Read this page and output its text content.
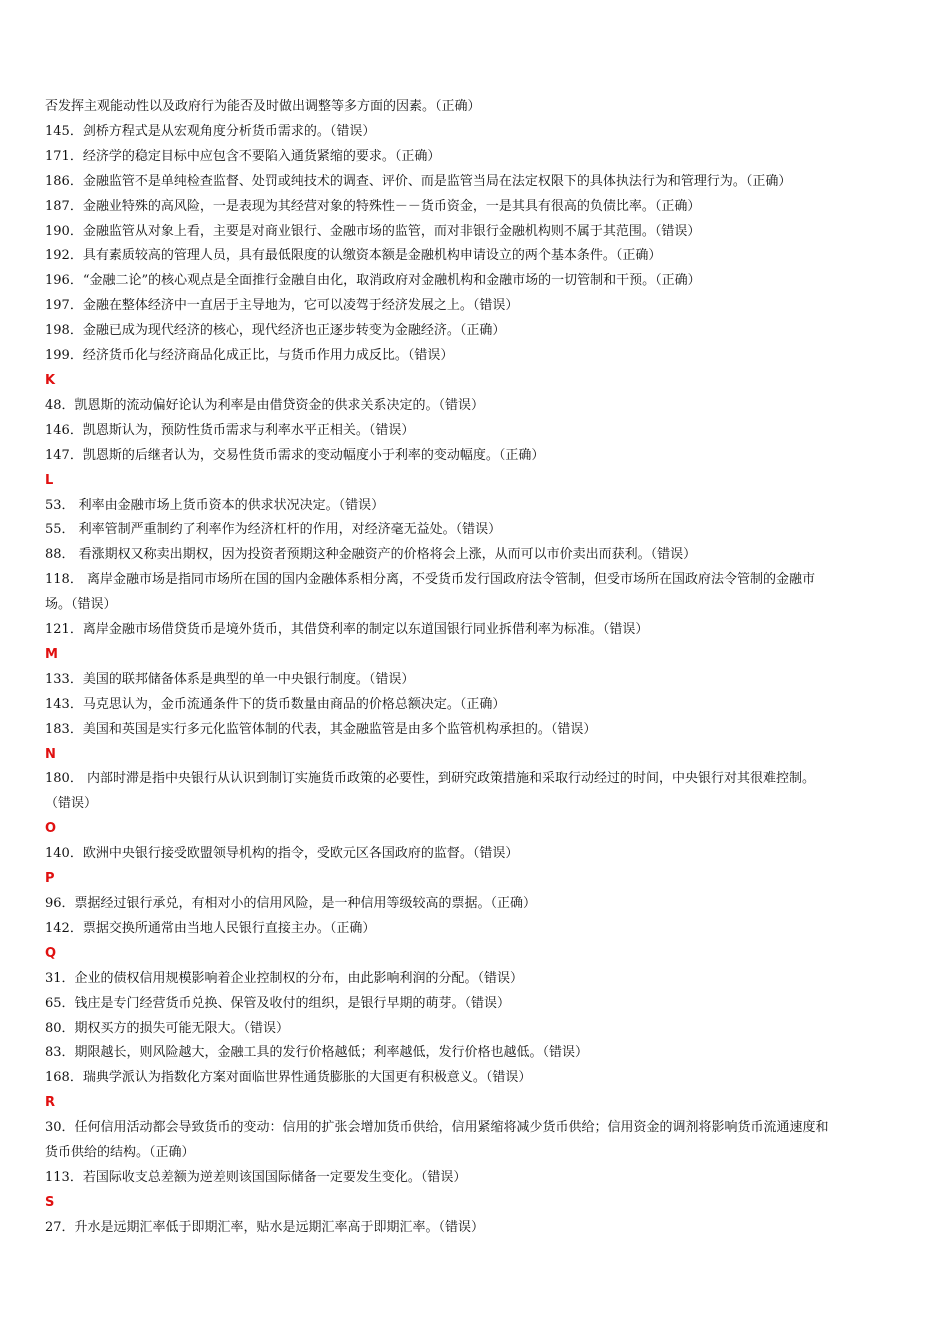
否发挥主观能动性以及政府行为能否及时做出调整等多方面的因素。（正确）

145．剑桥方程式是从宏观角度分析货币需求的。（错误）

171．经济学的稳定目标中应包含不要陷入通货紧缩的要求。（正确）

186．金融监管不是单纯检查监督、处罚或纯技术的调查、评价、而是监管当局在法定权限下的具体执法行为和管理行为。（正确）

187．金融业特殊的高风险，一是表现为其经营对象的特殊性－－货币资金，一是其具有很高的负债比率。（正确）

190．金融监管从对象上看，主要是对商业银行、金融市场的监管，而对非银行金融机构则不属于其范围。（错误）

192．具有素质较高的管理人员，具有最低限度的认缴资本额是金融机构申请设立的两个基本条件。（正确）

196．“金融二论”的核心观点是全面推行金融自由化，取消政府对金融机构和金融市场的一切管制和干预。（正确）

197．金融在整体经济中一直居于主导地为，它可以凌驾于经济发展之上。（错误）

198．金融已成为现代经济的核心，现代经济也正逐步转变为金融经济。（正确）

199．经济货币化与经济商品化成正比，与货币作用力成反比。（错误）

K

48．凯恩斯的流动偏好论认为利率是由借贷资金的供求关系决定的。（错误）

146．凯恩斯认为，预防性货币需求与利率水平正相关。（错误）

147．凯恩斯的后继者认为，交易性货币需求的变动幅度小于利率的变动幅度。（正确）

L

53． 利率由金融市场上货币资本的供求状况决定。（错误）

55． 利率管制严重制约了利率作为经济杠杆的作用，对经济毫无益处。（错误）

88． 看涨期权又称卖出期权，因为投资者预期这种金融资产的价格将会上涨，从而可以市价卖出而获利。（错误）

118． 离岸金融市场是指同市场所在国的国内金融体系相分离，不受货币发行国政府法令管制，但受市场所在国政府法令管制的金融市

场。（错误）

121．离岸金融市场借贷货币是境外货币，其借贷利率的制定以东道国银行同业拆借利率为标准。（错误）

M

133．美国的联邦储备体系是典型的单一中央银行制度。（错误）

143．马克思认为，金币流通条件下的货币数量由商品的价格总额决定。（正确）

183．美国和英国是实行多元化监管体制的代表，其金融监管是由多个监管机构承担的。（错误）

N

180． 内部时滞是指中央银行从认识到制订实施货币政策的必要性，到研究政策措施和采取行动经过的时间，中央银行对其很难控制。

（错误）

O

140．欧洲中央银行接受欧盟领导机构的指令，受欧元区各国政府的监督。（错误）

P

96．票据经过银行承兑，有相对小的信用风险，是一种信用等级较高的票据。（正确）

142．票据交换所通常由当地人民银行直接主办。（正确）

Q

31．企业的债权信用规模影响着企业控制权的分布，由此影响利润的分配。（错误）

65．钱庄是专门经营货币兑换、保管及收付的组织，是银行早期的萌芽。（错误）

80．期权买方的损失可能无限大。（错误）

83．期限越长，则风险越大，金融工具的发行价格越低；利率越低，发行价格也越低。（错误）

168．瑞典学派认为指数化方案对面临世界性通货膨胀的大国更有积极意义。（错误）

R

30．任何信用活动都会导致货币的变动：信用的扩张会增加货币供给，信用紧缩将减少货币供给；信用资金的调剂将影响货币流通速度和

货币供给的结构。（正确）

113．若国际收支总差额为逆差则该国国际储备一定要发生变化。（错误）

S

27．升水是远期汇率低于即期汇率，贴水是远期汇率高于即期汇率。（错误）
